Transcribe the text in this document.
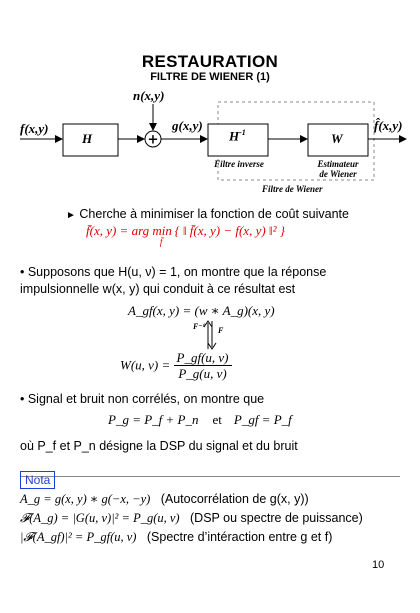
RESTAURATION
FILTRE DE WIENER (1)
+
f(x,y)
n(x,y)
H
g(x,y)
$H^{-1}$	W
f̂(x,y)
Filtre inverse	Estimateur
de Wiener
Filtre de Wiener
► Cherche à minimiser la fonction de coût suivante
f̄(x, y) = arg $\min_{f̄}${ ‖ f̄(x, y) − f(x, y) ‖² }
• Supposons que H(u, ν) = 1, on montre que la réponse
impulsionnelle w(x, y) qui conduit à ce résultat est
A_gf(x, y) = (w ∗ A_g)(x, y)
F⁻¹ F
W(u, $\nu) = \frac{P\_gf(u, \nu)}{P\_g(u, \nu)}$
• Signal et bruit non corrélés, on montre que
P_g = P_f + P_n et P_gf = P_f
où P_f et P_n désigne la DSP du signal et du bruit
Nota
A_g = g(x, y) ∗ g(−x, −y) (Autocorrélation de g(x, y))
𝓕(A_g) = |G(u, ν)|² = P_g(u, ν) (DSP ou spectre de puissance)
|𝓕(A_gf)|² = P_gf(u, ν) (Spectre d’intéraction entre g et f)
10
